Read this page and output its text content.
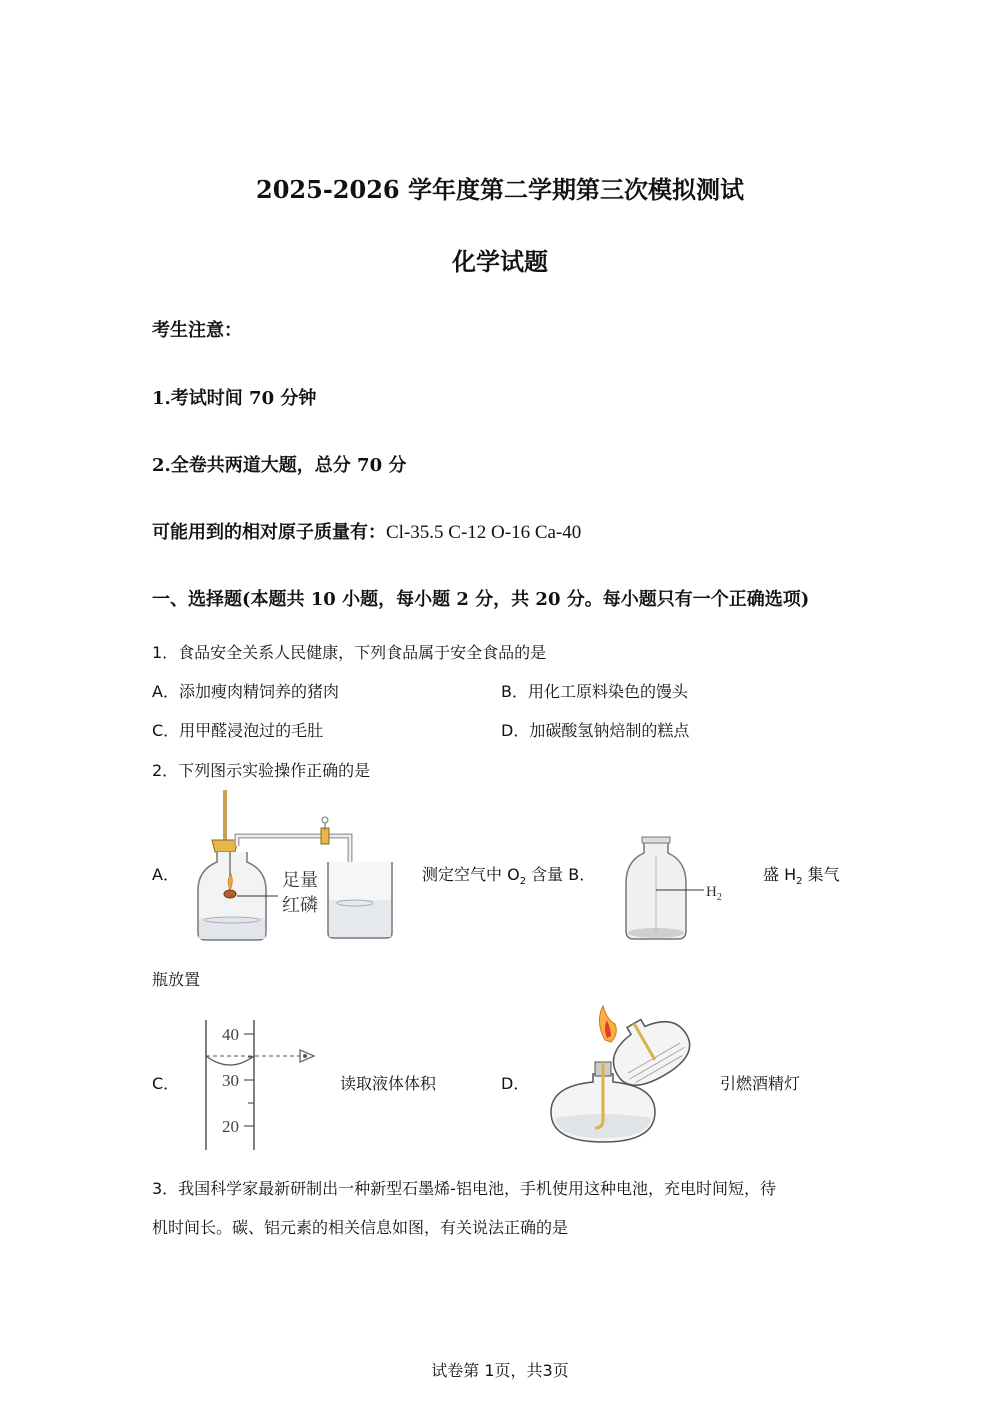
2025-2026 学年度第二学期第三次模拟测试
化学试题
考生注意：
1.考试时间 70 分钟
2.全卷共两道大题，总分 70 分
可能用到的相对原子质量有：Cl-35.5 C-12 O-16 Ca-40
一、选择题(本题共 10 小题，每小题 2 分，共 20 分。每小题只有一个正确选项)
1．食品安全关系人民健康，下列食品属于安全食品的是
A．添加瘦肉精饲养的猪肉	B．用化工原料染色的馒头
C．用甲醛浸泡过的毛肚	D．加碳酸氢钠焙制的糕点
2．下列图示实验操作正确的是
A．	足量
红磷
测定空气中 $O_2$ 含量 B．
$H_2$
盛 $H_2$ 集气
瓶放置
C．
40
30
20
读取液体体积	D．	引燃酒精灯
3．我国科学家最新研制出一种新型石墨烯-铝电池，手机使用这种电池，充电时间短，待
机时间长。碳、铝元素的相关信息如图，有关说法正确的是
试卷第 1页，共3页
